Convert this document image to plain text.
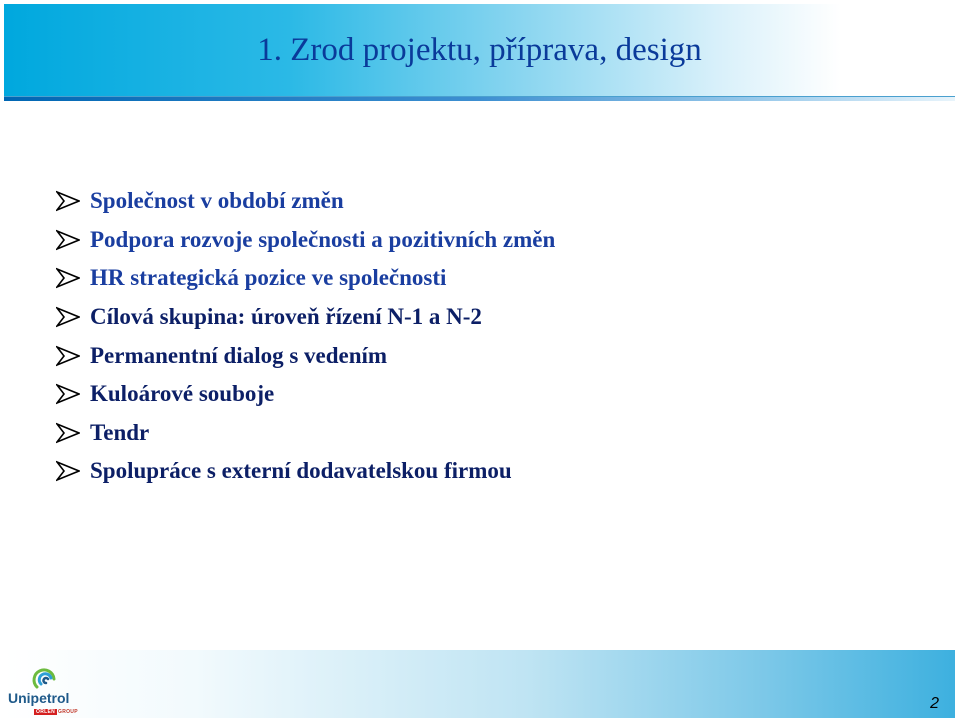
1. Zrod projektu, příprava, design
Společnost v období změn
Podpora rozvoje společnosti a pozitivních změn
HR strategická pozice ve společnosti
Cílová skupina: úroveň řízení N-1 a N-2
Permanentní dialog s vedením
Kuloárové souboje
Tendr
Spolupráce s externí dodavatelskou firmou
Unipetrol
ORLEN GROUP	2
